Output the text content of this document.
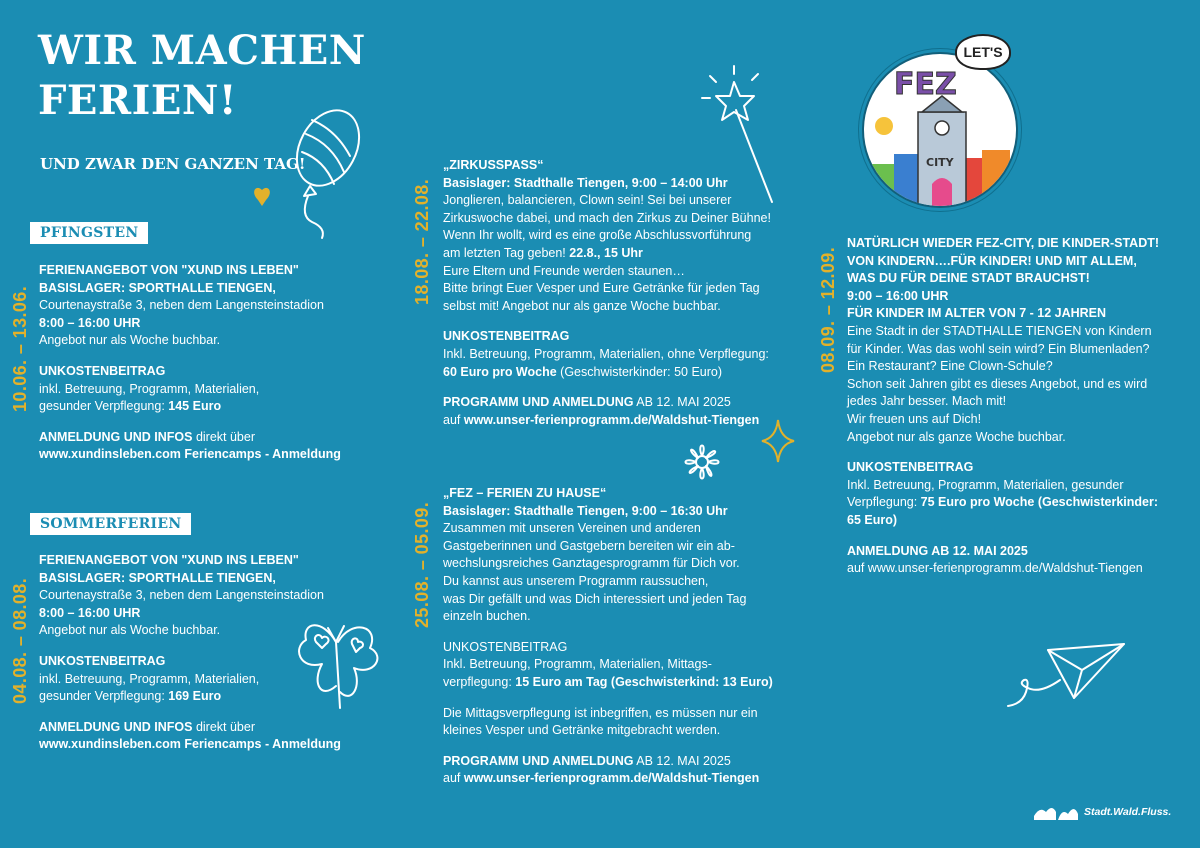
WIR MACHEN
FERIEN!
UND ZWAR DEN GANZEN TAG!
PFINGSTEN
10.06. – 13.06.
FERIENANGEBOT VON "XUND INS LEBEN"
BASISLAGER: SPORTHALLE TIENGEN,
Courtenaystraße 3, neben dem Langensteinstadion
8:00 – 16:00 UHR
Angebot nur als Woche buchbar.
UNKOSTENBEITRAG
inkl. Betreuung, Programm, Materialien,
gesunder Verpflegung: 145 Euro
ANMELDUNG UND INFOS direkt über
www.xundinsleben.com Feriencamps - Anmeldung
SOMMERFERIEN
04.08. – 08.08.
FERIENANGEBOT VON "XUND INS LEBEN"
BASISLAGER: SPORTHALLE TIENGEN,
Courtenaystraße 3, neben dem Langensteinstadion
8:00 – 16:00 UHR
Angebot nur als Woche buchbar.
UNKOSTENBEITRAG
inkl. Betreuung, Programm, Materialien,
gesunder Verpflegung: 169 Euro
ANMELDUNG UND INFOS direkt über
www.xundinsleben.com Feriencamps - Anmeldung
18.08. – 22.08.
„ZIRKUSSPASS“
Basislager: Stadthalle Tiengen, 9:00 – 14:00 Uhr
Jonglieren, balancieren, Clown sein! Sei bei unserer
Zirkuswoche dabei, und mach den Zirkus zu Deiner Bühne!
Wenn Ihr wollt, wird es eine große Abschlussvorführung
am letzten Tag geben! 22.8., 15 Uhr
Eure Eltern und Freunde werden staunen…
Bitte bringt Euer Vesper und Eure Getränke für jeden Tag
selbst mit! Angebot nur als ganze Woche buchbar.
UNKOSTENBEITRAG
Inkl. Betreuung, Programm, Materialien, ohne Verpflegung:
60 Euro pro Woche (Geschwisterkinder: 50 Euro)
PROGRAMM UND ANMELDUNG AB 12. MAI 2025
auf www.unser-ferienprogramm.de/Waldshut-Tiengen
25.08. – 05.09.
„FEZ – FERIEN ZU HAUSE“
Basislager: Stadthalle Tiengen, 9:00 – 16:30 Uhr
Zusammen mit unseren Vereinen und anderen
Gastgeberinnen und Gastgebern bereiten wir ein ab-
wechslungsreiches Ganztagesprogramm für Dich vor.
Du kannst aus unserem Programm raussuchen,
was Dir gefällt und was Dich interessiert und jeden Tag
einzeln buchen.
UNKOSTENBEITRAG
Inkl. Betreuung, Programm, Materialien, Mittags-
verpflegung: 15 Euro am Tag (Geschwisterkind: 13 Euro)
Die Mittagsverpflegung ist inbegriffen, es müssen nur ein
kleines Vesper und Getränke mitgebracht werden.
PROGRAMM UND ANMELDUNG AB 12. MAI 2025
auf www.unser-ferienprogramm.de/Waldshut-Tiengen
CITY
FEZ
LET'S
08.09. – 12.09.
NATÜRLICH WIEDER FEZ-CITY, DIE KINDER-STADT!
VON KINDERN….FÜR KINDER! UND MIT ALLEM,
WAS DU FÜR DEINE STADT BRAUCHST!
9:00 – 16:00 UHR
FÜR KINDER IM ALTER VON 7 - 12 JAHREN
Eine Stadt in der STADTHALLE TIENGEN von Kindern
für Kinder. Was das wohl sein wird? Ein Blumenladen?
Ein Restaurant? Eine Clown-Schule?
Schon seit Jahren gibt es dieses Angebot, und es wird
jedes Jahr besser. Mach mit!
Wir freuen uns auf Dich!
Angebot nur als ganze Woche buchbar.
UNKOSTENBEITRAG
Inkl. Betreuung, Programm, Materialien, gesunder
Verpflegung: 75 Euro pro Woche (Geschwisterkinder:
65 Euro)
ANMELDUNG AB 12. MAI 2025
auf www.unser-ferienprogramm.de/Waldshut-Tiengen
Stadt.Wald.Fluss.
